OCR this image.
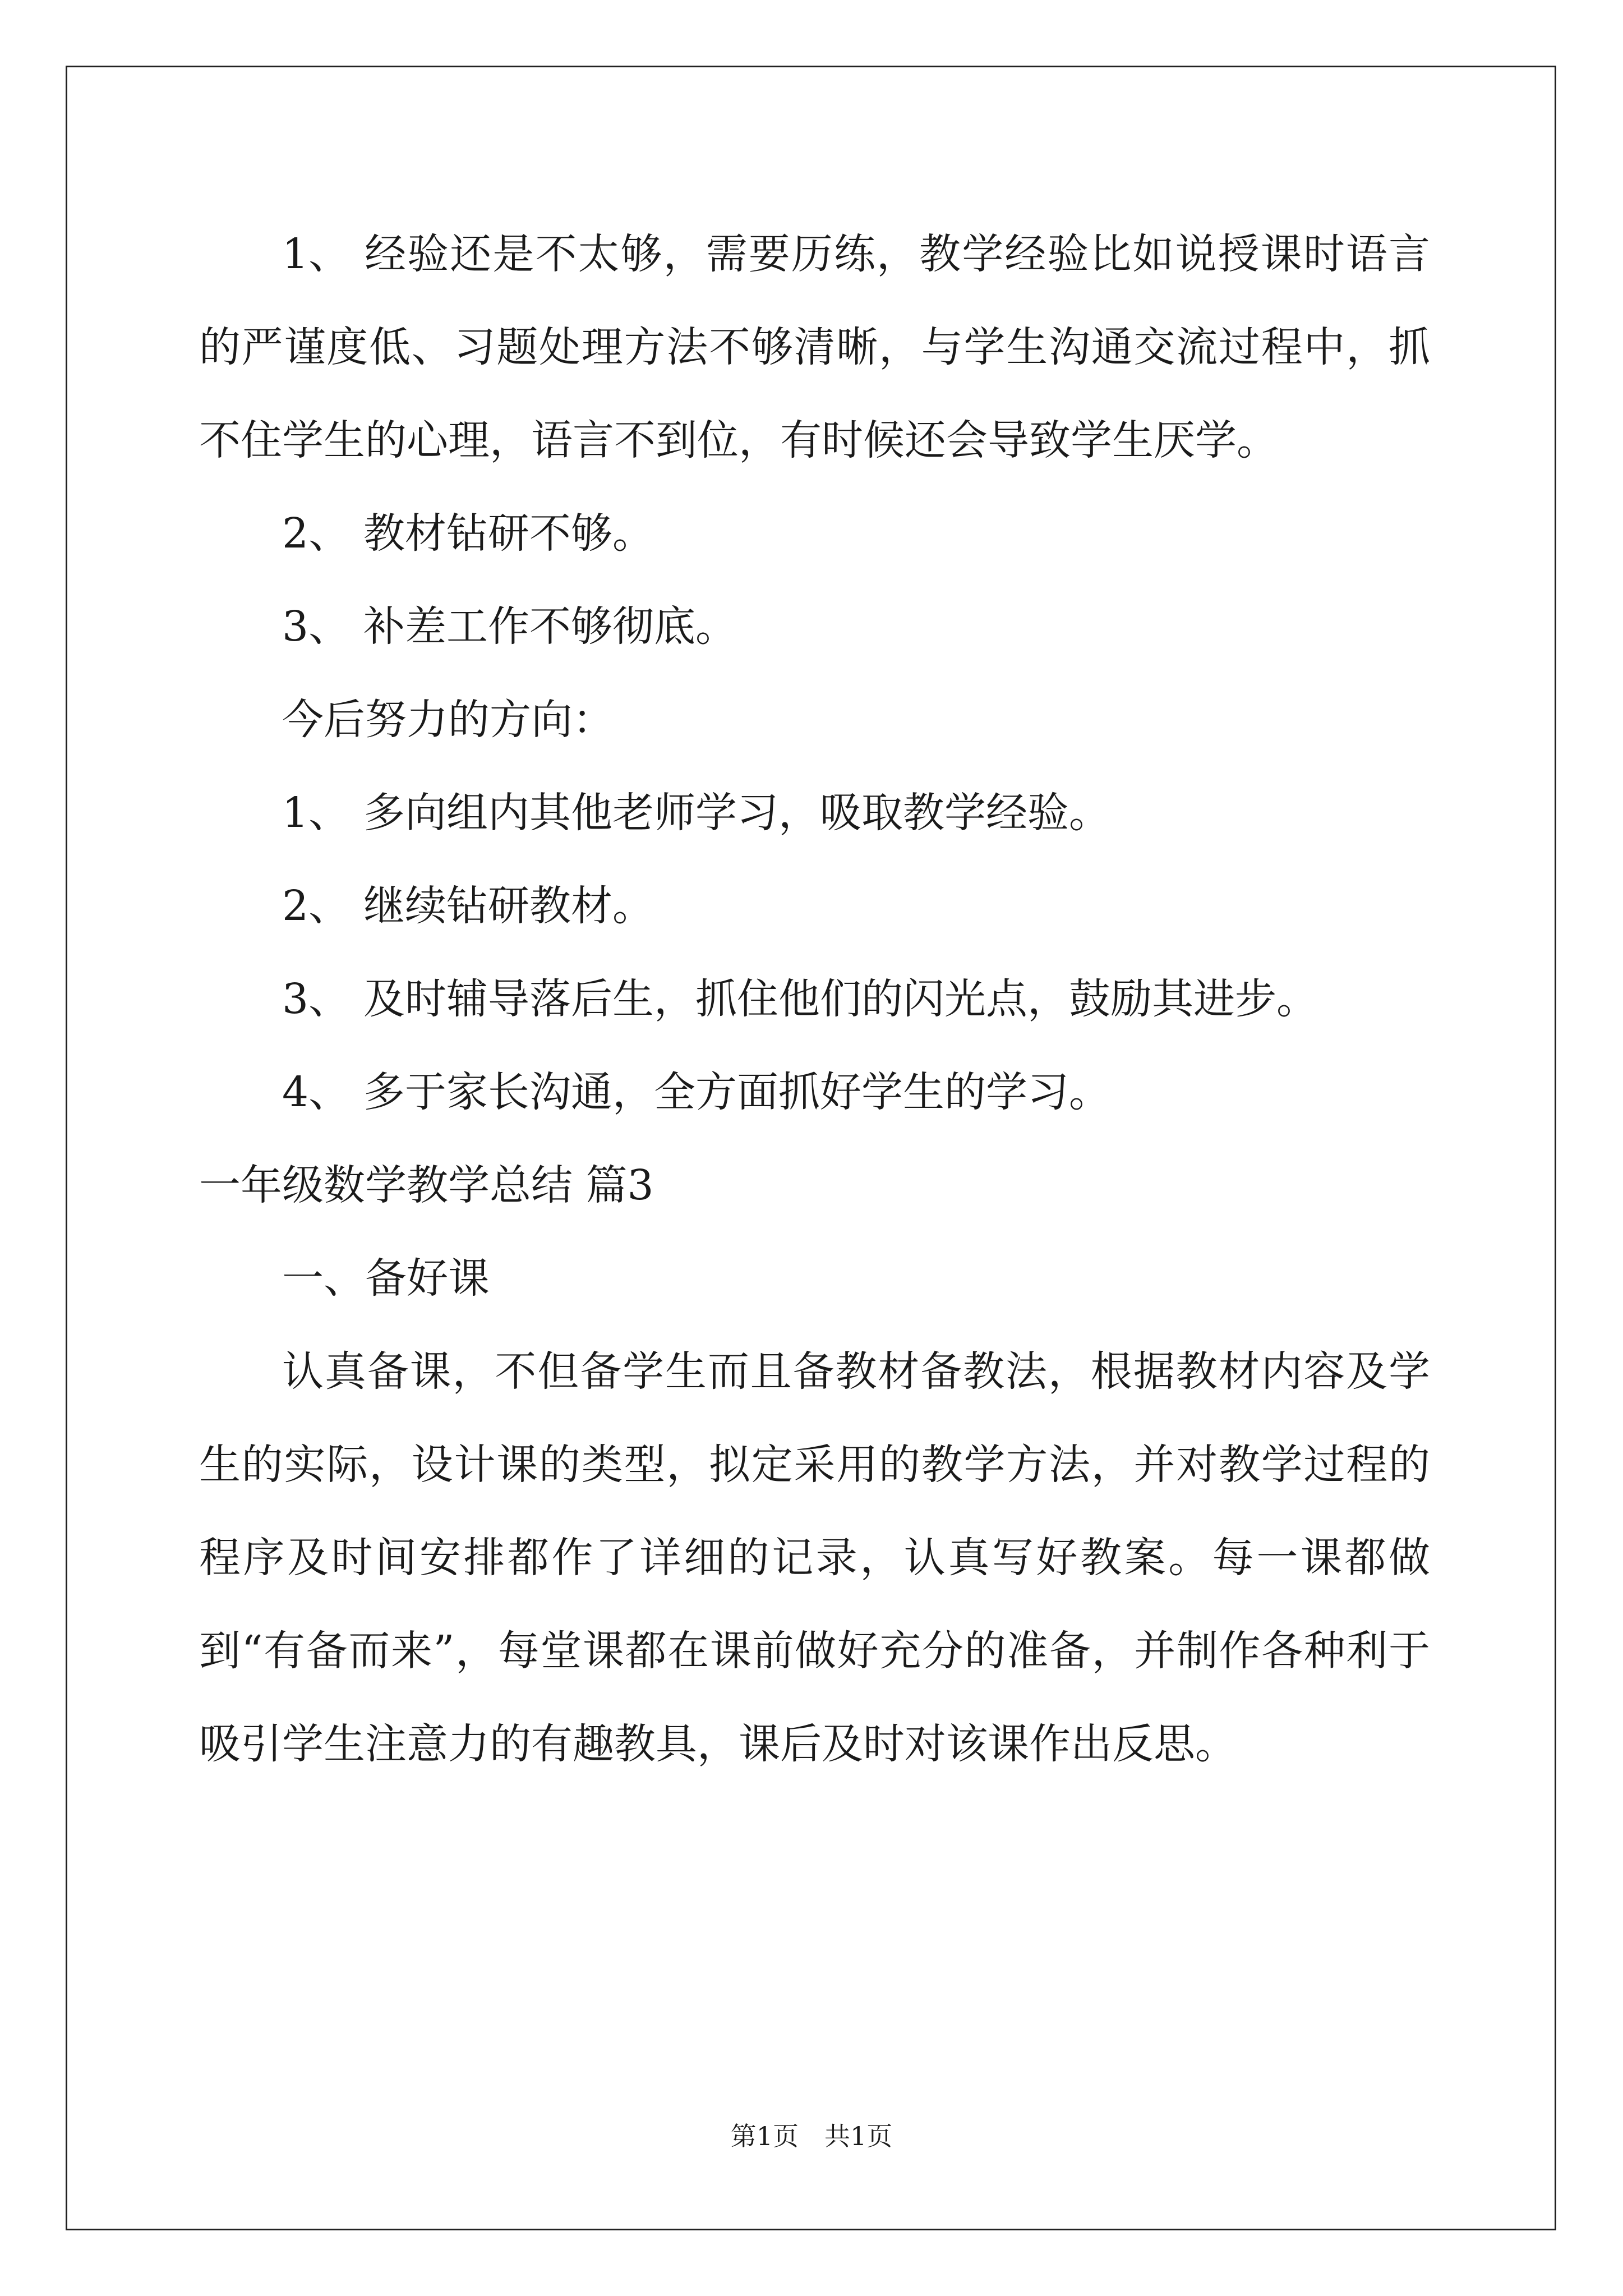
1、 经验还是不太够，需要历练，教学经验比如说授课时语言的严谨度低、习题处理方法不够清晰，与学生沟通交流过程中，抓不住学生的心理，语言不到位，有时候还会导致学生厌学。

2、 教材钻研不够。

3、 补差工作不够彻底。

今后努力的方向：

1、 多向组内其他老师学习，吸取教学经验。

2、 继续钻研教材。

3、 及时辅导落后生，抓住他们的闪光点，鼓励其进步。

4、 多于家长沟通，全方面抓好学生的学习。

一年级数学教学总结 篇3

一、备好课

认真备课，不但备学生而且备教材备教法，根据教材内容及学生的实际，设计课的类型，拟定采用的教学方法，并对教学过程的程序及时间安排都作了详细的记录，认真写好教案。每一课都做到“有备而来”，每堂课都在课前做好充分的准备，并制作各种利于吸引学生注意力的有趣教具，课后及时对该课作出反思。

第1页　共1页
